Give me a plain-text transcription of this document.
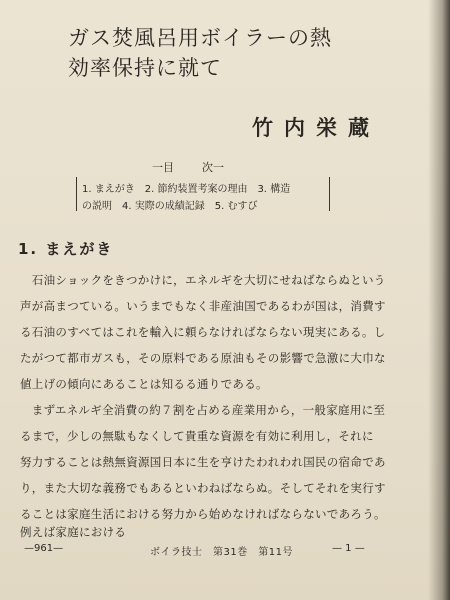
ガス焚風呂用ボイラーの熱
効率保持に就て
竹内栄蔵
一目	次一
1. まえがき　2. 節約装置考案の理由　3. 構造
の説明　4. 実際の成績記録　5. むすび
1. まえがき
　石油ショックをきつかけに，エネルギを大切にせねばならぬという
声が高まつている。いうまでもなく非産油国であるわが国は，消費す
る石油のすべてはこれを輸入に頼らなければならない現実にある。し
たがつて都市ガスも，その原料である原油もその影響で急激に大巾な
値上げの傾向にあることは知るる通りである。
　まずエネルギ全消費の約７割を占める産業用から，一般家庭用に至
るまで，少しの無駄もなくして貴重な資源を有効に利用し，それに
努力することは熱無資源国日本に生を亨けたわれわれ国民の宿命であ
り，また大切な義務でもあるといわねばならぬ。そしてそれを実行す
ることは家庭生活における努力から始めなければならないであろう。
例えば家庭における
—961—	ボイラ技士　第31巻　第11号	— 1 —
